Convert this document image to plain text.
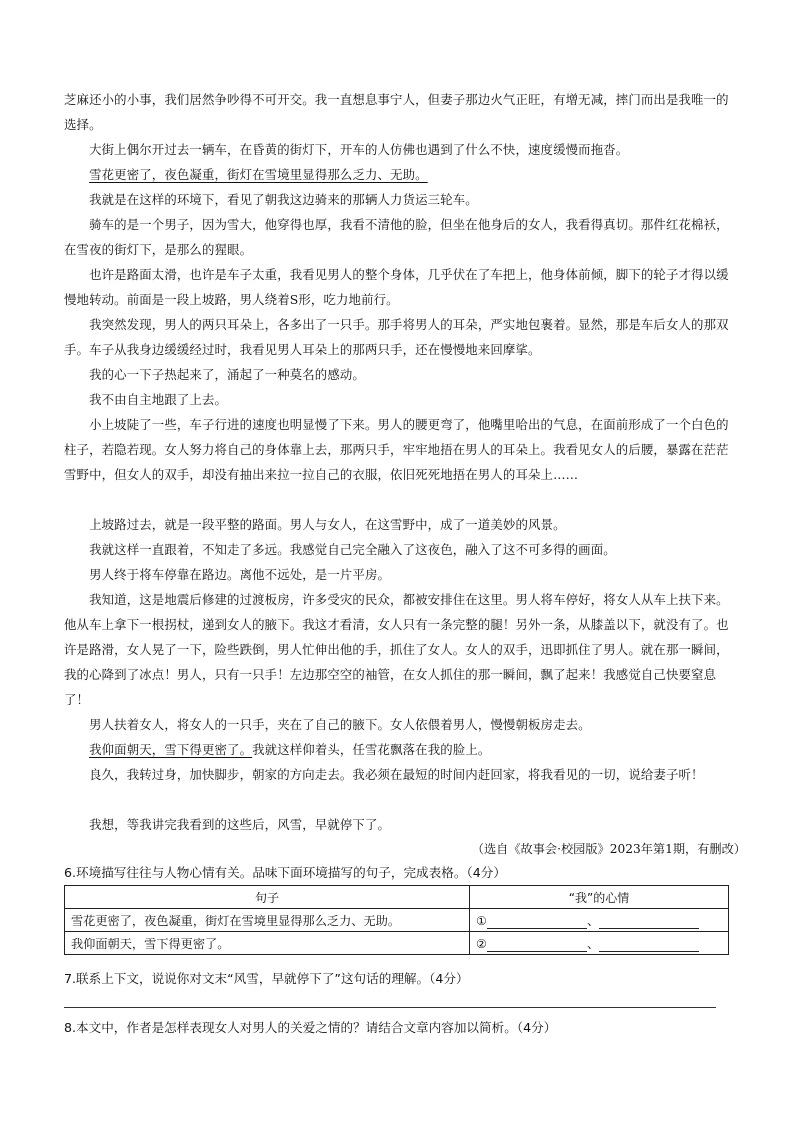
芝麻还小的小事，我们居然争吵得不可开交。我一直想息事宁人，但妻子那边火气正旺，有增无减，摔门而出是我唯一的选择。
　　大街上偶尔开过去一辆车，在昏黄的街灯下，开车的人仿佛也遇到了什么不快，速度缓慢而拖沓。
　　雪花更密了，夜色凝重，街灯在雪境里显得那么乏力、无助。
　　我就是在这样的环境下，看见了朝我这边骑来的那辆人力货运三轮车。
　　骑车的是一个男子，因为雪大，他穿得也厚，我看不清他的脸，但坐在他身后的女人，我看得真切。那件红花棉袄，在雪夜的街灯下，是那么的猩眼。
　　也许是路面太滑，也许是车子太重，我看见男人的整个身体，几乎伏在了车把上，他身体前倾，脚下的轮子才得以缓慢地转动。前面是一段上坡路，男人绕着S形，吃力地前行。
　　我突然发现，男人的两只耳朵上，各多出了一只手。那手将男人的耳朵，严实地包裹着。显然，那是车后女人的那双手。车子从我身边缓缓经过时，我看见男人耳朵上的那两只手，还在慢慢地来回摩挲。
　　我的心一下子热起来了，涌起了一种莫名的感动。
　　我不由自主地跟了上去。
　　小上坡陡了一些，车子行进的速度也明显慢了下来。男人的腰更弯了，他嘴里哈出的气息，在面前形成了一个白色的柱子，若隐若现。女人努力将自己的身体靠上去，那两只手，牢牢地捂在男人的耳朵上。我看见女人的后腰，暴露在茫茫雪野中，但女人的双手，却没有抽出来拉一拉自己的衣服，依旧死死地捂在男人的耳朵上……
　　上坡路过去，就是一段平整的路面。男人与女人，在这雪野中，成了一道美妙的风景。
　　我就这样一直跟着，不知走了多远。我感觉自己完全融入了这夜色，融入了这不可多得的画面。
　　男人终于将车停靠在路边。离他不远处，是一片平房。
　　我知道，这是地震后修建的过渡板房，许多受灾的民众，都被安排住在这里。男人将车停好，将女人从车上扶下来。他从车上拿下一根拐杖，递到女人的腋下。我这才看清，女人只有一条完整的腿！另外一条，从膝盖以下，就没有了。也许是路滑，女人晃了一下，险些跌倒，男人忙伸出他的手，抓住了女人。女人的双手，迅即抓住了男人。就在那一瞬间，我的心降到了冰点！男人，只有一只手！左边那空空的袖管，在女人抓住的那一瞬间，飘了起来！我感觉自己快要窒息了！
　　男人扶着女人，将女人的一只手，夹在了自己的腋下。女人依偎着男人，慢慢朝板房走去。
　　我仰面朝天，雪下得更密了。我就这样仰着头，任雪花飘落在我的脸上。
　　良久，我转过身，加快脚步，朝家的方向走去。我必须在最短的时间内赶回家，将我看见的一切，说给妻子听！
　　我想，等我讲完我看到的这些后，风雪，早就停下了。
（选自《故事会·校园版》2023年第1期，有删改）
6.环境描写往往与人物心情有关。品味下面环境描写的句子，完成表格。（4分）
句子	“我”的心情
雪花更密了，夜色凝重，街灯在雪境里显得那么乏力、无助。	① 、
我仰面朝天，雪下得更密了。	② 、
7.联系上下文，说说你对文末“风雪，早就停下了”这句话的理解。（4分）
8.本文中，作者是怎样表现女人对男人的关爱之情的？请结合文章内容加以简析。（4分）
